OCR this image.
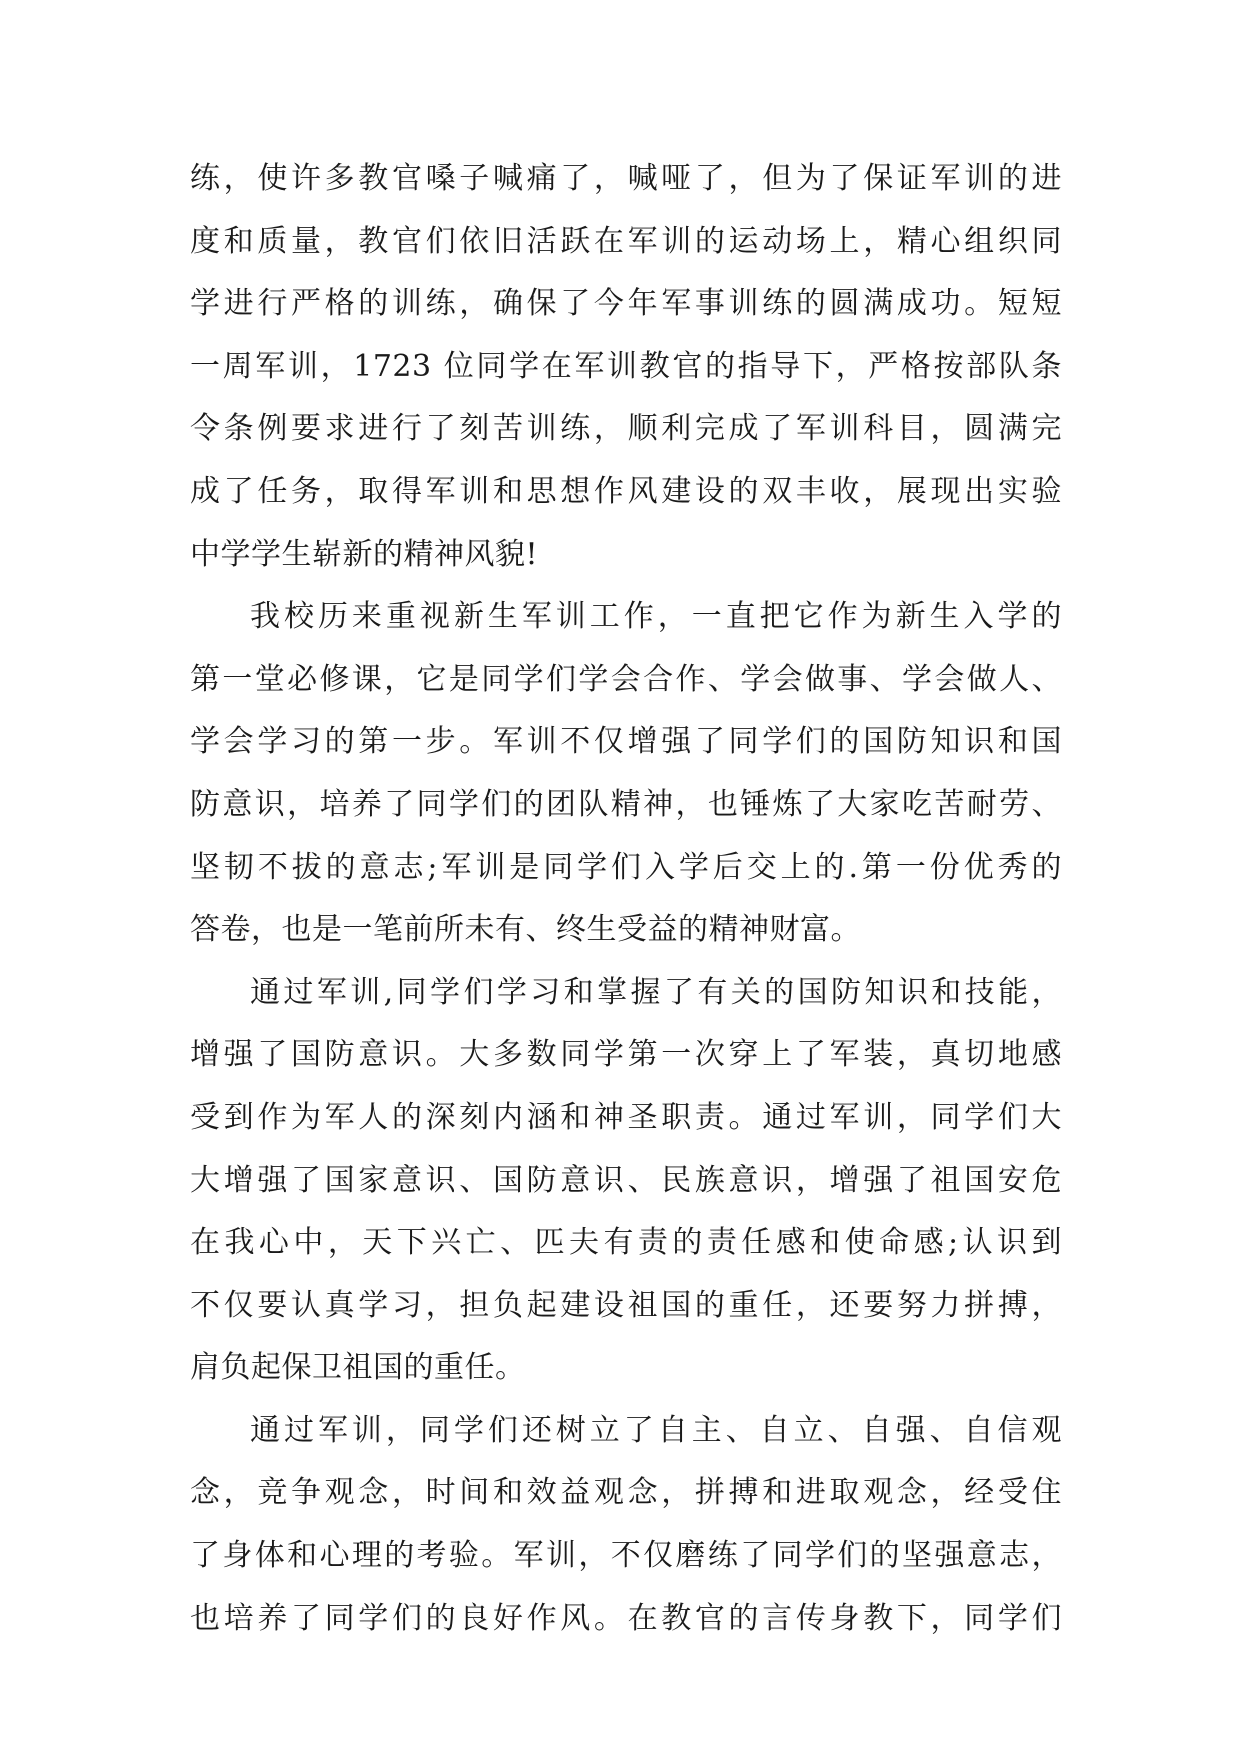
练，使许多教官嗓子喊痛了，喊哑了，但为了保证军训的进
度和质量，教官们依旧活跃在军训的运动场上，精心组织同
学进行严格的训练，确保了今年军事训练的圆满成功。短短
一周军训，1723 位同学在军训教官的指导下，严格按部队条
令条例要求进行了刻苦训练，顺利完成了军训科目，圆满完
成了任务，取得军训和思想作风建设的双丰收，展现出实验
中学学生崭新的精神风貌!
我校历来重视新生军训工作，一直把它作为新生入学的
第一堂必修课，它是同学们学会合作、学会做事、学会做人、
学会学习的第一步。军训不仅增强了同学们的国防知识和国
防意识，培养了同学们的团队精神，也锤炼了大家吃苦耐劳、
坚韧不拔的意志;军训是同学们入学后交上的.第一份优秀的
答卷，也是一笔前所未有、终生受益的精神财富。
通过军训,同学们学习和掌握了有关的国防知识和技能，
增强了国防意识。大多数同学第一次穿上了军装，真切地感
受到作为军人的深刻内涵和神圣职责。通过军训，同学们大
大增强了国家意识、国防意识、民族意识，增强了祖国安危
在我心中，天下兴亡、匹夫有责的责任感和使命感;认识到
不仅要认真学习，担负起建设祖国的重任，还要努力拼搏，
肩负起保卫祖国的重任。
通过军训，同学们还树立了自主、自立、自强、自信观
念，竞争观念，时间和效益观念，拼搏和进取观念，经受住
了身体和心理的考验。军训，不仅磨练了同学们的坚强意志，
也培养了同学们的良好作风。在教官的言传身教下，同学们
